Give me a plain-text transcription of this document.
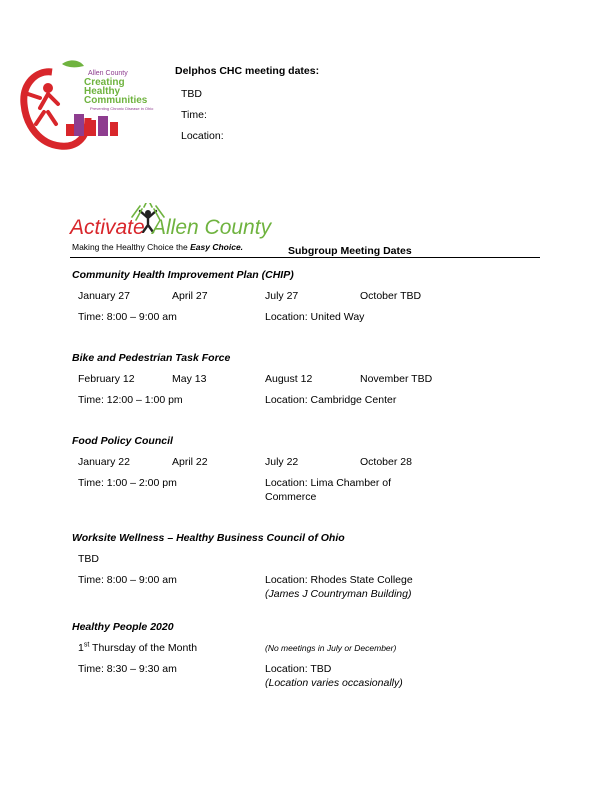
Allen County
Creating
Healthy
Communities
Preventing Chronic Disease in Ohio
Delphos CHC meeting dates:
TBD
Time:
Location:
Activate Allen County
Making the Healthy Choice the Easy Choice.	Subgroup Meeting Dates
Community Health Improvement Plan (CHIP)
January 27	April 27	July 27	October TBD
Time: 8:00 – 9:00 am	Location: United Way
Bike and Pedestrian Task Force
February 12	May 13	August 12	November TBD
Time: 12:00 – 1:00 pm	Location: Cambridge Center
Food Policy Council
January 22	April 22	July 22	October 28
Time: 1:00 – 2:00 pm	Location: Lima Chamber of
Commerce
Worksite Wellness – Healthy Business Council of Ohio
TBD
Time: 8:00 – 9:00 am	Location: Rhodes State College
(James J Countryman Building)
Healthy People 2020
1st Thursday of the Month	(No meetings in July or December)
Time: 8:30 – 9:30 am	Location: TBD
(Location varies occasionally)
